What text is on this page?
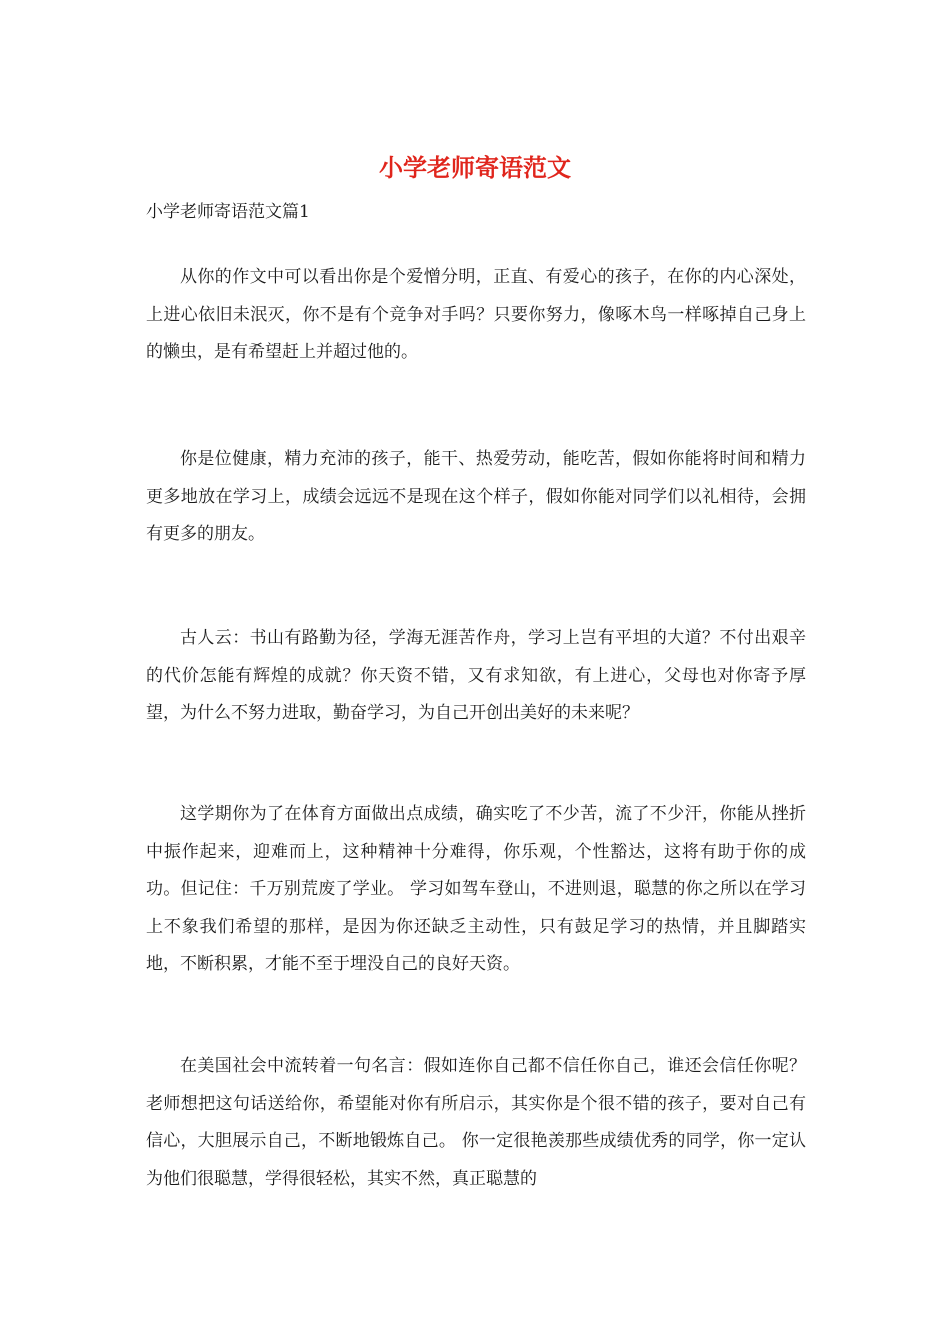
小学老师寄语范文

小学老师寄语范文篇1

从你的作文中可以看出你是个爱憎分明，正直、有爱心的孩子，在你的内心深处，上进心依旧未泯灭，你不是有个竞争对手吗？只要你努力，像啄木鸟一样啄掉自己身上的懒虫，是有希望赶上并超过他的。

你是位健康，精力充沛的孩子，能干、热爱劳动，能吃苦，假如你能将时间和精力更多地放在学习上，成绩会远远不是现在这个样子，假如你能对同学们以礼相待，会拥有更多的朋友。

古人云：书山有路勤为径，学海无涯苦作舟，学习上岂有平坦的大道？不付出艰辛的代价怎能有辉煌的成就？你天资不错，又有求知欲，有上进心，父母也对你寄予厚望，为什么不努力进取，勤奋学习，为自己开创出美好的未来呢？

这学期你为了在体育方面做出点成绩，确实吃了不少苦，流了不少汗，你能从挫折中振作起来，迎难而上，这种精神十分难得，你乐观，个性豁达，这将有助于你的成功。但记住：千万别荒废了学业。 学习如驾车登山，不进则退，聪慧的你之所以在学习上不象我们希望的那样，是因为你还缺乏主动性，只有鼓足学习的热情，并且脚踏实地，不断积累，才能不至于埋没自己的良好天资。

在美国社会中流转着一句名言：假如连你自己都不信任你自己，谁还会信任你呢？老师想把这句话送给你，希望能对你有所启示，其实你是个很不错的孩子，要对自己有信心，大胆展示自己，不断地锻炼自己。 你一定很艳羡那些成绩优秀的同学，你一定认为他们很聪慧，学得很轻松，其实不然，真正聪慧的
